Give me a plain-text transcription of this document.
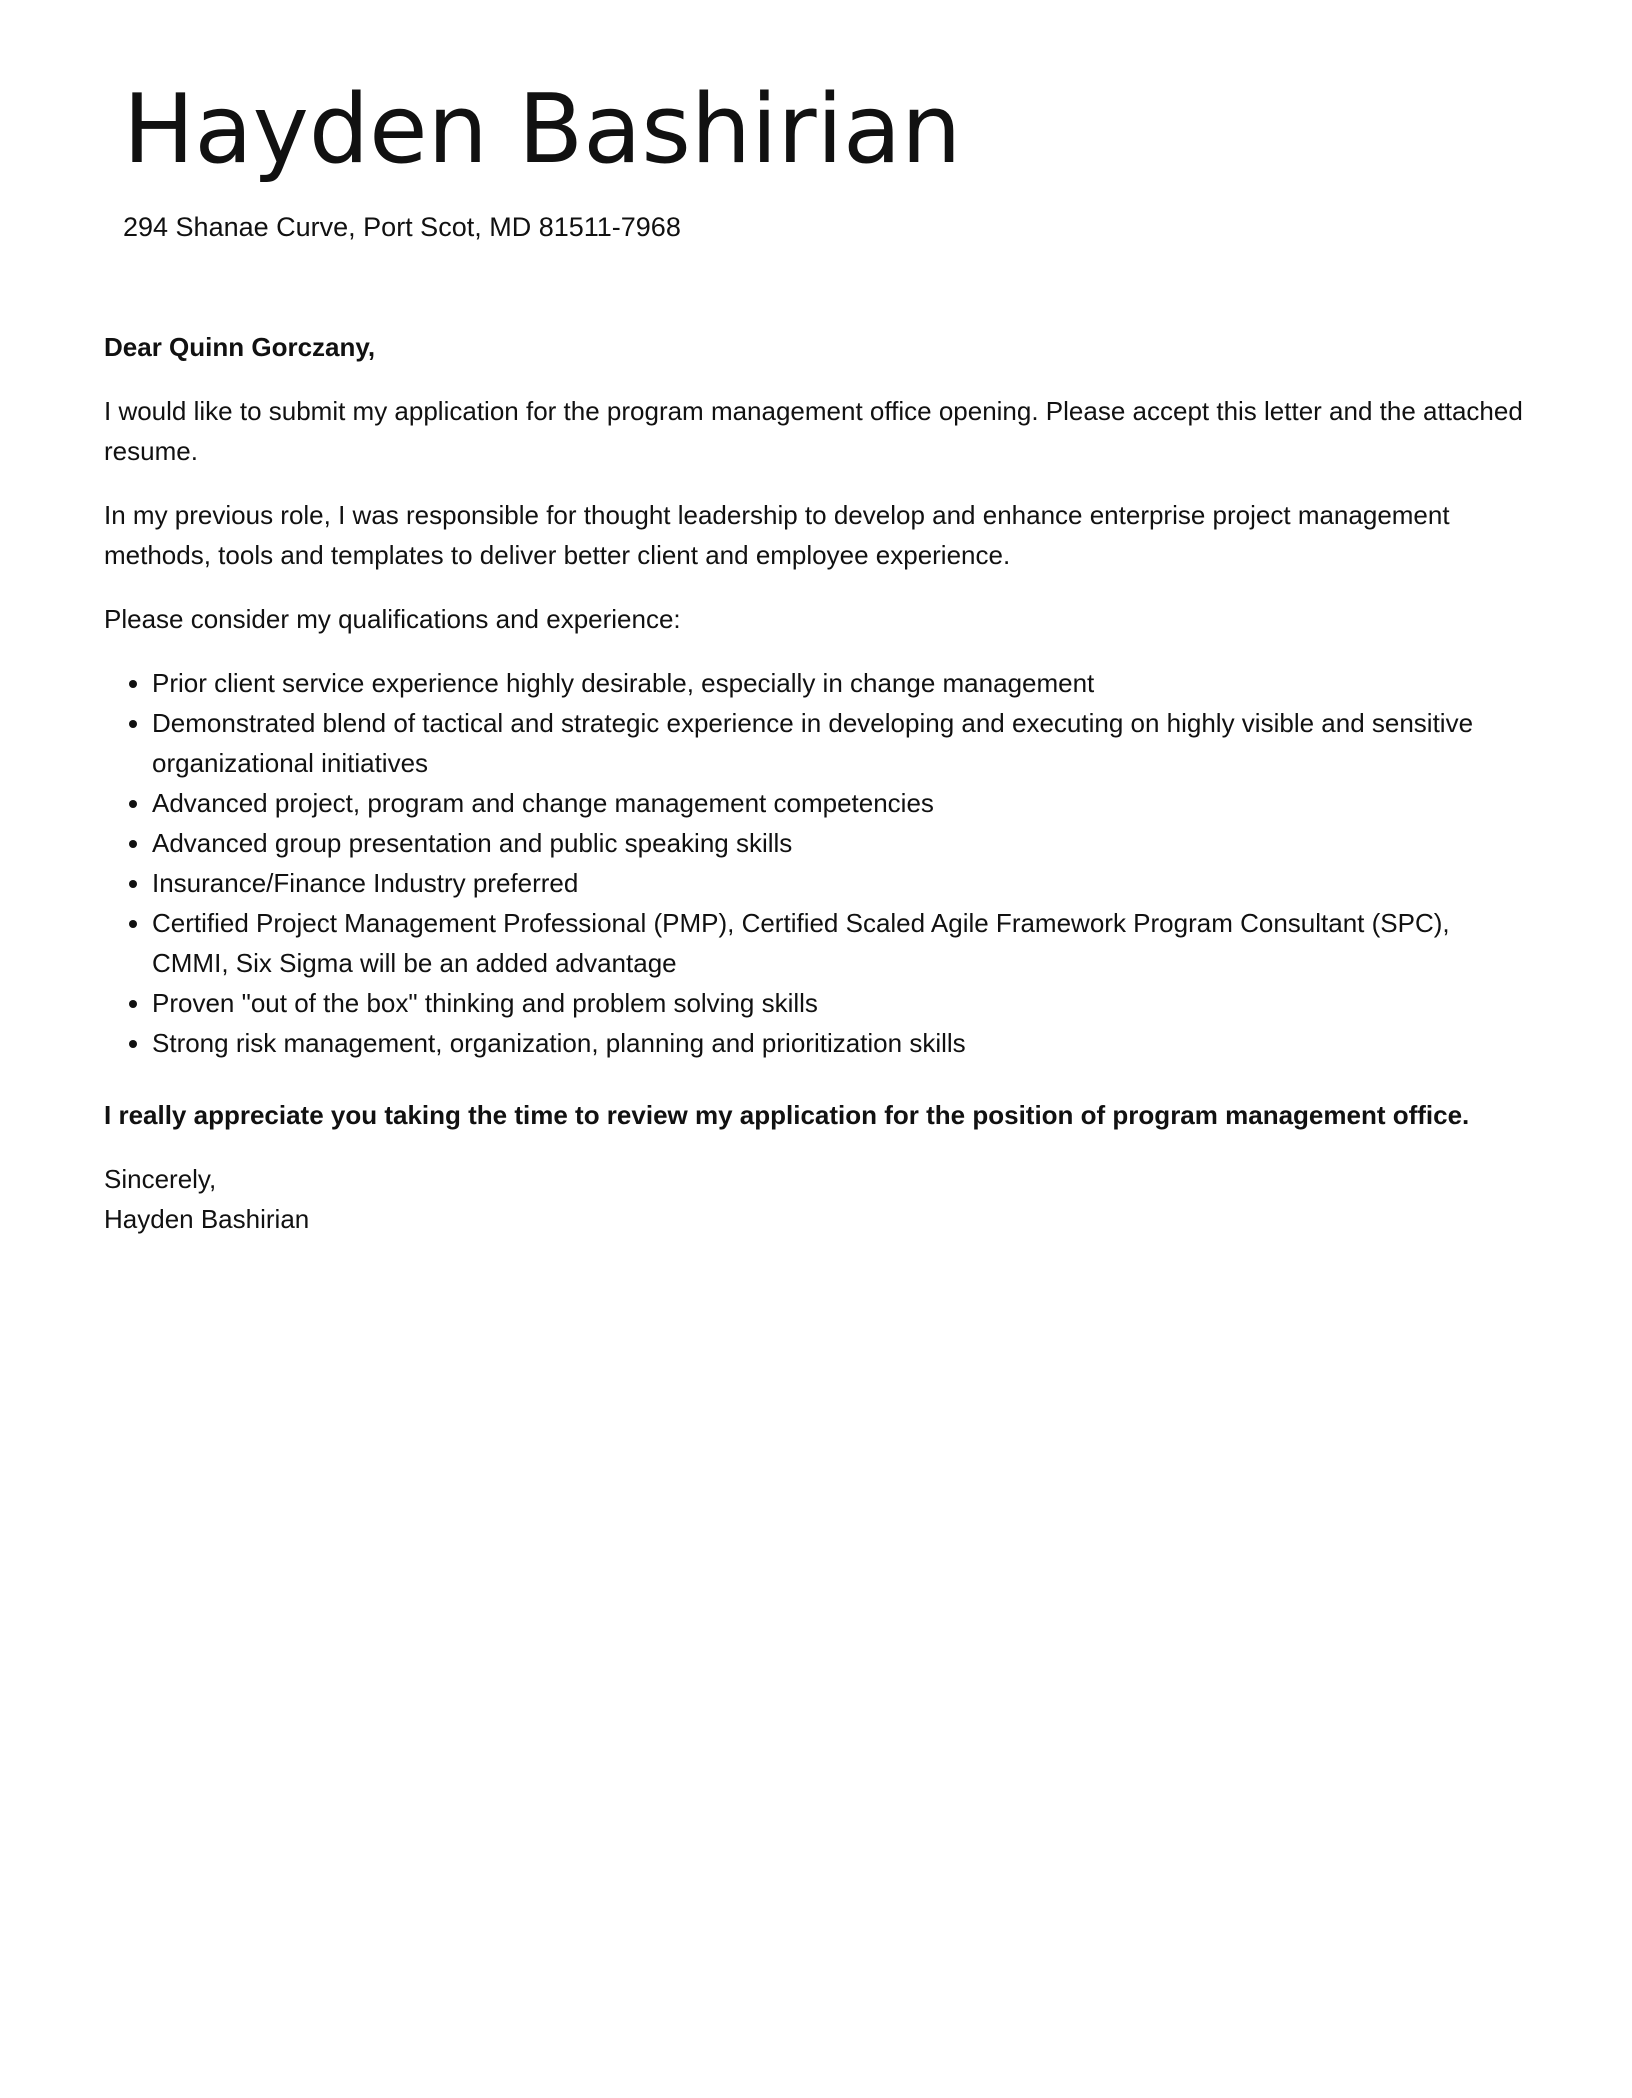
Hayden Bashirian
294 Shanae Curve, Port Scot, MD 81511-7968

Dear Quinn Gorczany,

I would like to submit my application for the program management office opening. Please accept this letter and the attached resume.

In my previous role, I was responsible for thought leadership to develop and enhance enterprise project management methods, tools and templates to deliver better client and employee experience.

Please consider my qualifications and experience:

• Prior client service experience highly desirable, especially in change management
• Demonstrated blend of tactical and strategic experience in developing and executing on highly visible and sensitive organizational initiatives
• Advanced project, program and change management competencies
• Advanced group presentation and public speaking skills
• Insurance/Finance Industry preferred
• Certified Project Management Professional (PMP), Certified Scaled Agile Framework Program Consultant (SPC), CMMI, Six Sigma will be an added advantage
• Proven "out of the box" thinking and problem solving skills
• Strong risk management, organization, planning and prioritization skills

I really appreciate you taking the time to review my application for the position of program management office.

Sincerely,
Hayden Bashirian
